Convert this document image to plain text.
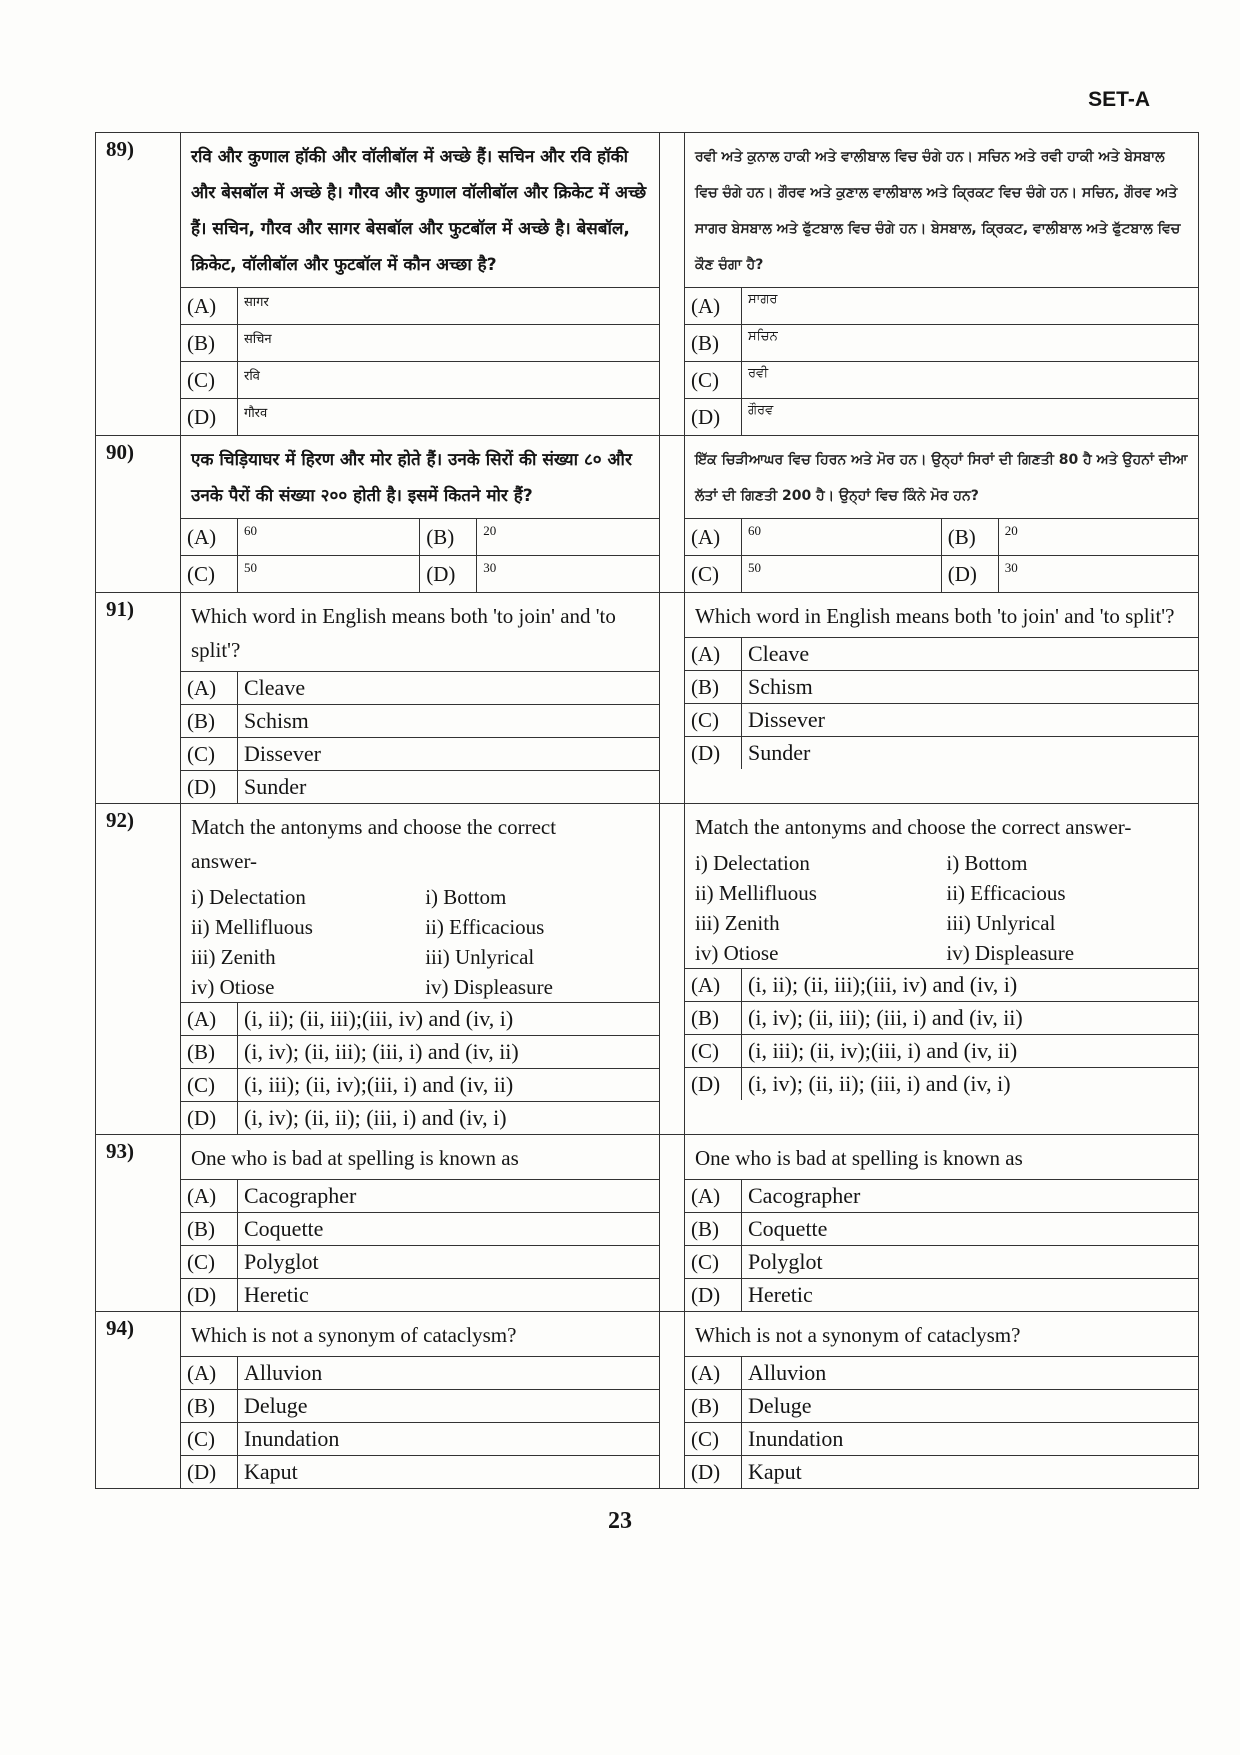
SET-A
89)	रवि और कुणाल हॉकी और वॉलीबॉल में अच्छे हैं। सचिन और रवि हॉकी और बेसबॉल में अच्छे है। गौरव और कुणाल वॉलीबॉल और क्रिकेट में अच्छे हैं। सचिन, गौरव और सागर बेसबॉल और फुटबॉल में अच्छे है। बेसबॉल, क्रिकेट, वॉलीबॉल और फुटबॉल में कौन अच्छा है?
(A)	सागर
(B)	सचिन
(C)	रवि
(D)	गौरव

ਰਵੀ ਅਤੇ ਕੁਨਾਲ ਹਾਕੀ ਅਤੇ ਵਾਲੀਬਾਲ ਵਿਚ ਚੰਗੇ ਹਨ। ਸਚਿਨ ਅਤੇ ਰਵੀ ਹਾਕੀ ਅਤੇ ਬੇਸਬਾਲ ਵਿਚ ਚੰਗੇ ਹਨ। ਗੌਰਵ ਅਤੇ ਕੁਣਾਲ ਵਾਲੀਬਾਲ ਅਤੇ ਕ੍ਰਿਕਟ ਵਿਚ ਚੰਗੇ ਹਨ। ਸਚਿਨ, ਗੌਰਵ ਅਤੇ ਸਾਗਰ ਬੇਸਬਾਲ ਅਤੇ ਫੁੱਟਬਾਲ ਵਿਚ ਚੰਗੇ ਹਨ। ਬੇਸਬਾਲ, ਕ੍ਰਿਕਟ, ਵਾਲੀਬਾਲ ਅਤੇ ਫੁੱਟਬਾਲ ਵਿਚ ਕੌਣ ਚੰਗਾ ਹੈ?
(A)	ਸਾਗਰ
(B)	ਸਚਿਨ
(C)	ਰਵੀ
(D)	ਗੌਰਵ

90)	एक चिड़ियाघर में हिरण और मोर होते हैं। उनके सिरों की संख्या ८० और उनके पैरों की संख्या २०० होती है। इसमें कितने मोर हैं?
(A)	60	(B)	20
(C)	50	(D)	30

ਇੱਕ ਚਿੜੀਆਘਰ ਵਿਚ ਹਿਰਨ ਅਤੇ ਮੋਰ ਹਨ। ਉਨ੍ਹਾਂ ਸਿਰਾਂ ਦੀ ਗਿਣਤੀ 80 ਹੈ ਅਤੇ ਉਹਨਾਂ ਦੀਆ ਲੱਤਾਂ ਦੀ ਗਿਣਤੀ 200 ਹੈ। ਉਨ੍ਹਾਂ ਵਿਚ ਕਿੰਨੇ ਮੋਰ ਹਨ?
(A)	60	(B)	20
(C)	50	(D)	30

91)	Which word in English means both 'to join' and 'to split'?
(A)	Cleave
(B)	Schism
(C)	Dissever
(D)	Sunder

Which word in English means both 'to join' and 'to split'?
(A)	Cleave
(B)	Schism
(C)	Dissever
(D)	Sunder

92)	Match the antonyms and choose the correct answer-
i) Delectation	i) Bottom
ii) Mellifluous	ii) Efficacious
iii) Zenith	iii) Unlyrical
iv) Otiose	iv) Displeasure
(A)	(i, ii); (ii, iii);(iii, iv) and (iv, i)
(B)	(i, iv); (ii, iii); (iii, i) and (iv, ii)
(C)	(i, iii); (ii, iv);(iii, i) and (iv, ii)
(D)	(i, iv); (ii, ii); (iii, i) and (iv, i)

Match the antonyms and choose the correct answer-
i) Delectation	i) Bottom
ii) Mellifluous	ii) Efficacious
iii) Zenith	iii) Unlyrical
iv) Otiose	iv) Displeasure
(A)	(i, ii); (ii, iii);(iii, iv) and (iv, i)
(B)	(i, iv); (ii, iii); (iii, i) and (iv, ii)
(C)	(i, iii); (ii, iv);(iii, i) and (iv, ii)
(D)	(i, iv); (ii, ii); (iii, i) and (iv, i)

93)	One who is bad at spelling is known as
(A)	Cacographer
(B)	Coquette
(C)	Polyglot
(D)	Heretic

One who is bad at spelling is known as
(A)	Cacographer
(B)	Coquette
(C)	Polyglot
(D)	Heretic

94)	Which is not a synonym of cataclysm?
(A)	Alluvion
(B)	Deluge
(C)	Inundation
(D)	Kaput

Which is not a synonym of cataclysm?
(A)	Alluvion
(B)	Deluge
(C)	Inundation
(D)	Kaput
23
